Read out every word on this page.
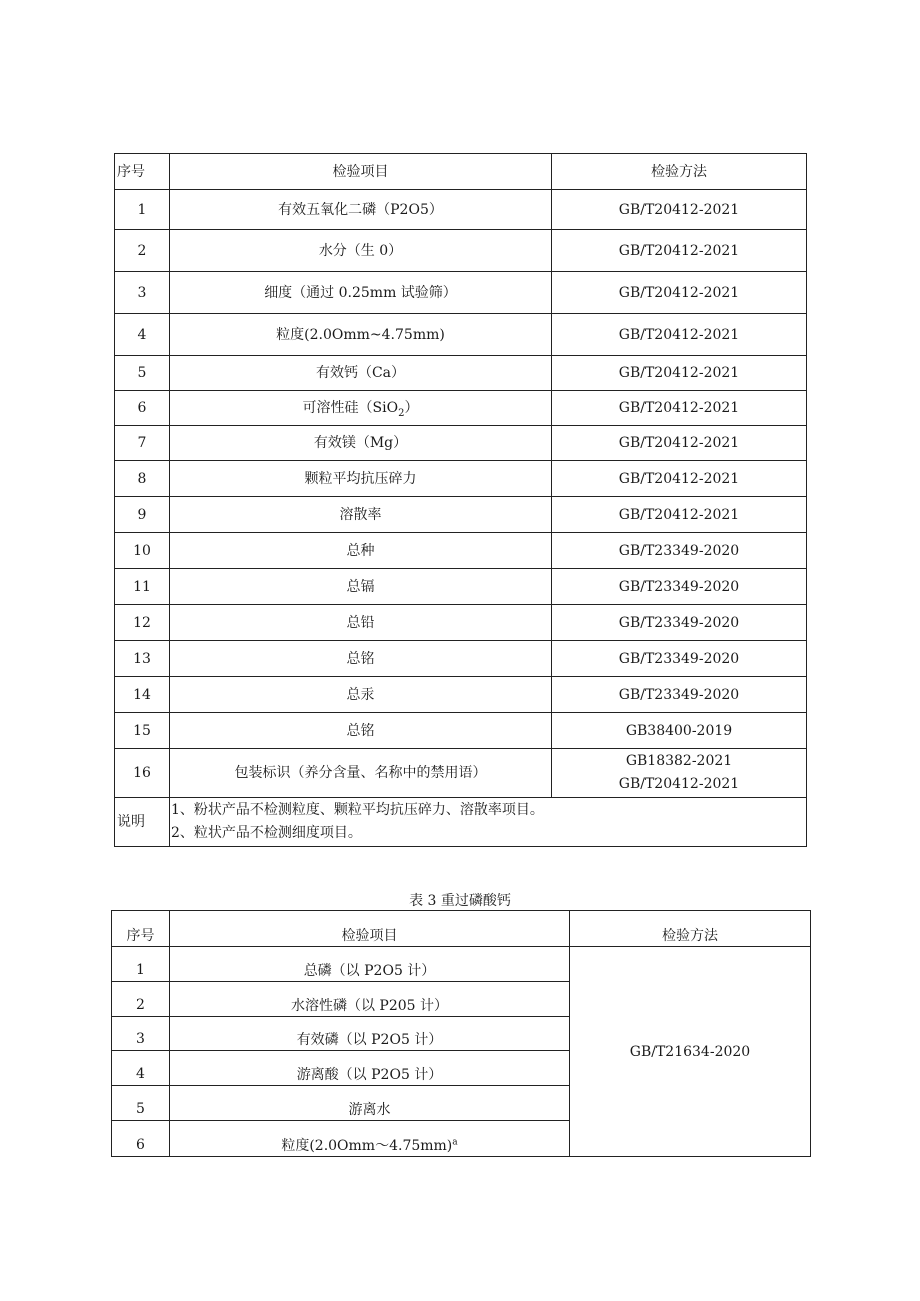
序号	检验项目	检验方法
1	有效五氧化二磷（P2O5）	GB/T20412-2021
2	水分（生 0）	GB/T20412-2021
3	细度（通过 0.25mm 试验筛）	GB/T20412-2021
4	粒度(2.0Omm~4.75mm)	GB/T20412-2021
5	有效钙（Ca）	GB/T20412-2021
6	可溶性硅（SiO$_2$）	GB/T20412-2021
7	有效镁（Mg）	GB/T20412-2021
8	颗粒平均抗压碎力	GB/T20412-2021
9	溶散率	GB/T20412-2021
10	总种	GB/T23349-2020
11	总镉	GB/T23349-2020
12	总铅	GB/T23349-2020
13	总铭	GB/T23349-2020
14	总汞	GB/T23349-2020
15	总铭	GB38400-2019
16	包装标识（养分含量、名称中的禁用语）	GB18382-2021
GB/T20412-2021

说明	1、粉状产品不检测粒度、颗粒平均抗压碎力、溶散率项目。
2、粒状产品不检测细度项目。	
表 3 重过磷酸钙
序号	检验项目	检验方法
1	总磷（以 P2O5 计）	GB/T21634-2020
2	水溶性磷（以 P205 计）	
3	有效磷（以 P2O5 计）	
4	游离酸（以 P2O5 计）	
5	游离水	
6	粒度(2.0Omm～4.75mm)$^a$
